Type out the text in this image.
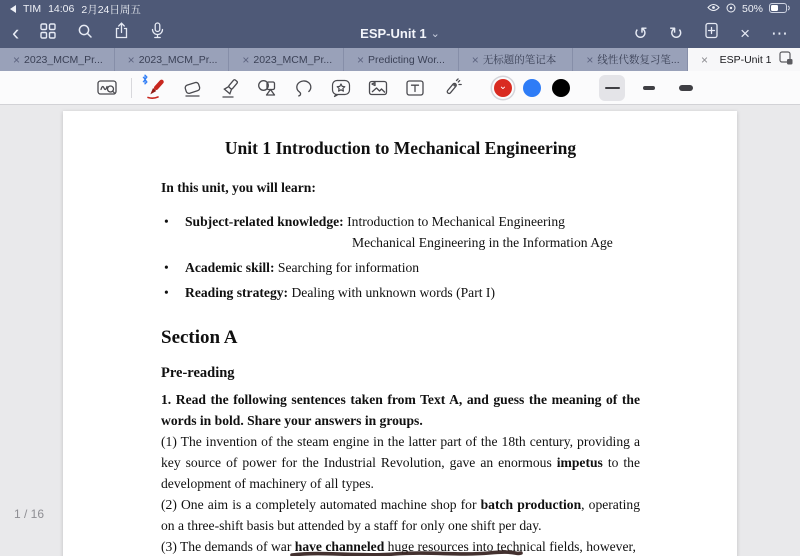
TIM 14:06 2月24日周五	50%
‹	ESP-Unit 1 ⌄	↺ ↻	× ⋯
× 2023_MCM_Pr...	× 2023_MCM_Pr...	× 2023_MCM_Pr...	× Predicting Wor...	× 无标题的笔记本	× 线性代数复习笔... ×	ESP-Unit 1
⌄
Unit 1 Introduction to Mechanical Engineering
In this unit, you will learn:
• Subject-related knowledge: Introduction to Mechanical Engineering
Mechanical Engineering in the Information Age
• Academic skill: Searching for information
• Reading strategy: Dealing with unknown words (Part I)
Section A
Pre-reading

1. Read the following sentences taken from Text A, and guess the meaning of the words in bold. Share your answers in groups.

(1) The invention of the steam engine in the latter part of the 18th century, providing a key source of power for the Industrial Revolution, gave an enormous impetus to the development of machinery of all types.

(2) One aim is a completely automated machine shop for batch production, operating on a three-shift basis but attended by a staff for only one shift per day.

(3) The demands of war have channeled huge resources into technical fields, however,

1 / 16
